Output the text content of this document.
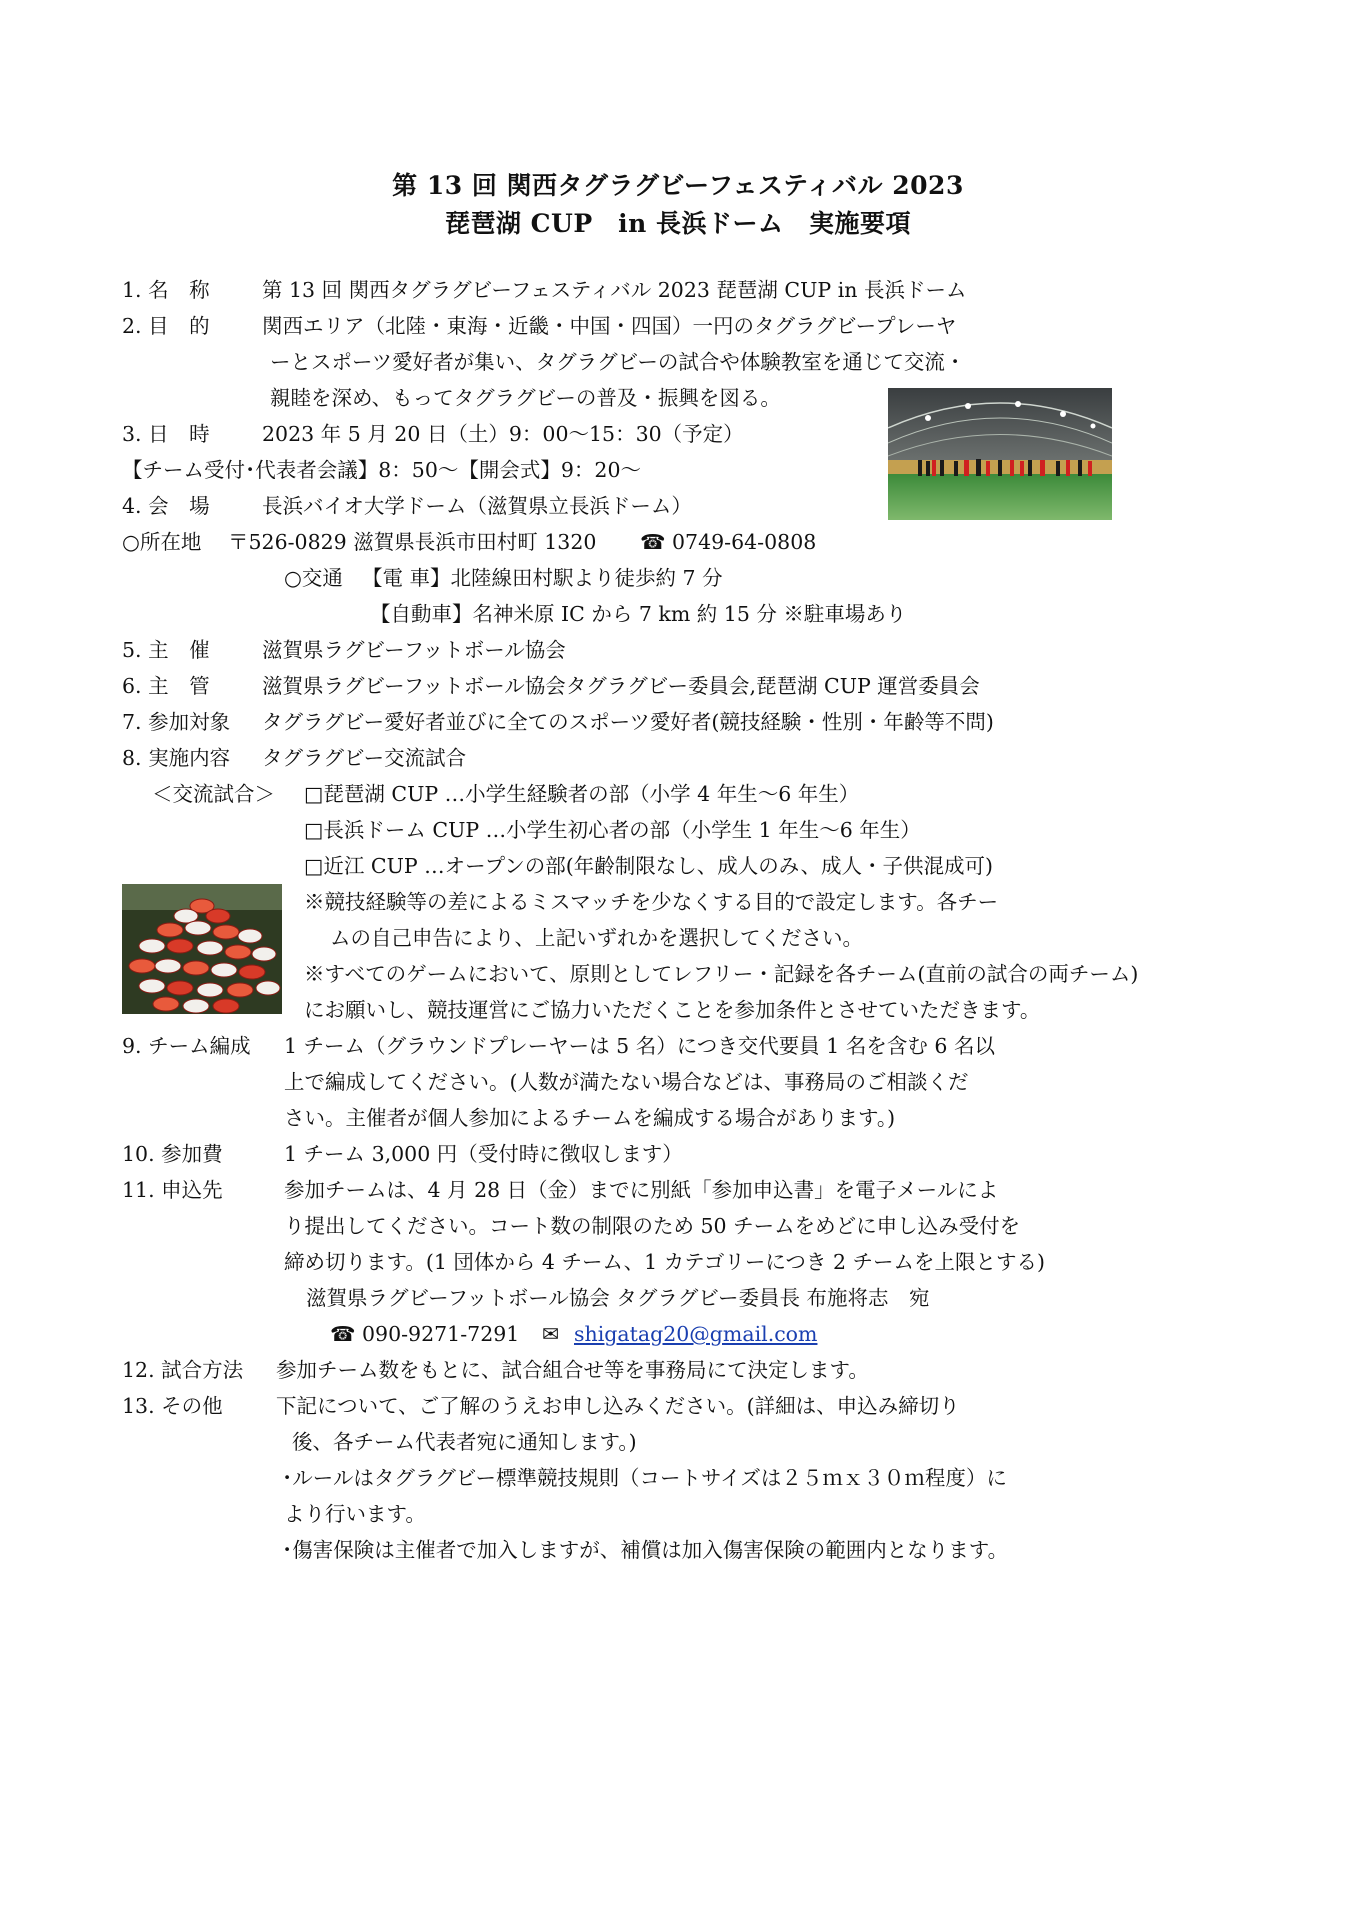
第 13 回 関西タグラグビーフェスティバル 2023
琵琶湖 CUP　in 長浜ドーム　実施要項
1. 名　称	第 13 回 関西タグラグビーフェスティバル 2023 琵琶湖 CUP in 長浜ドーム
2. 目　的	関西エリア（北陸・東海・近畿・中国・四国）一円のタグラグビープレーヤ
ーとスポーツ愛好者が集い、タグラグビーの試合や体験教室を通じて交流・
親睦を深め、もってタグラグビーの普及・振興を図る。
3. 日　時	2023 年 5 月 20 日（土）9：00～15：30（予定）
【チーム受付･代表者会議】8：50～【開会式】9：20～
4. 会　場	長浜バイオ大学ドーム（滋賀県立長浜ドーム）
○所在地 〒526-0829 滋賀県長浜市田村町 1320 ☎ 0749-64-0808
○交通 【電 車】北陸線田村駅より徒歩約 7 分
【自動車】名神米原 IC から 7 km 約 15 分 ※駐車場あり
5. 主　催	滋賀県ラグビーフットボール協会
6. 主　管	滋賀県ラグビーフットボール協会タグラグビー委員会,琵琶湖 CUP 運営委員会
7. 参加対象 タグラグビー愛好者並びに全てのスポーツ愛好者(競技経験・性別・年齢等不問)
8. 実施内容 タグラグビー交流試合
＜交流試合＞ □琵琶湖 CUP …小学生経験者の部（小学 4 年生～6 年生）
□長浜ドーム CUP …小学生初心者の部（小学生 1 年生～6 年生）
□近江 CUP …オープンの部(年齢制限なし、成人のみ、成人・子供混成可)
※競技経験等の差によるミスマッチを少なくする目的で設定します。各チー
ムの自己申告により、上記いずれかを選択してください。
※すべてのゲームにおいて、原則としてレフリー・記録を各チーム(直前の試合の両チーム)
にお願いし、競技運営にご協力いただくことを参加条件とさせていただきます。
9. チーム編成 1 チーム（グラウンドプレーヤーは 5 名）につき交代要員 1 名を含む 6 名以
上で編成してください。(人数が満たない場合などは、事務局のご相談くだ
さい。主催者が個人参加によるチームを編成する場合があります。)
10. 参加費	1 チーム 3,000 円（受付時に徴収します）
11. 申込先	参加チームは、4 月 28 日（金）までに別紙「参加申込書」を電子メールによ
り提出してください。コート数の制限のため 50 チームをめどに申し込み受付を
締め切ります。(1 団体から 4 チーム、1 カテゴリーにつき 2 チームを上限とする)
滋賀県ラグビーフットボール協会 タグラグビー委員長 布施将志　宛
☎ 090-9271-7291 ✉ shigatag20@gmail.com
12. 試合方法 参加チーム数をもとに、試合組合せ等を事務局にて決定します。
13. その他	下記について、ご了解のうえお申し込みください。(詳細は、申込み締切り
後、各チーム代表者宛に通知します。)
･ルールはタグラグビー標準競技規則（コートサイズは２５ｍｘ３０ｍ程度）に
より行います。
･傷害保険は主催者で加入しますが、補償は加入傷害保険の範囲内となります。
